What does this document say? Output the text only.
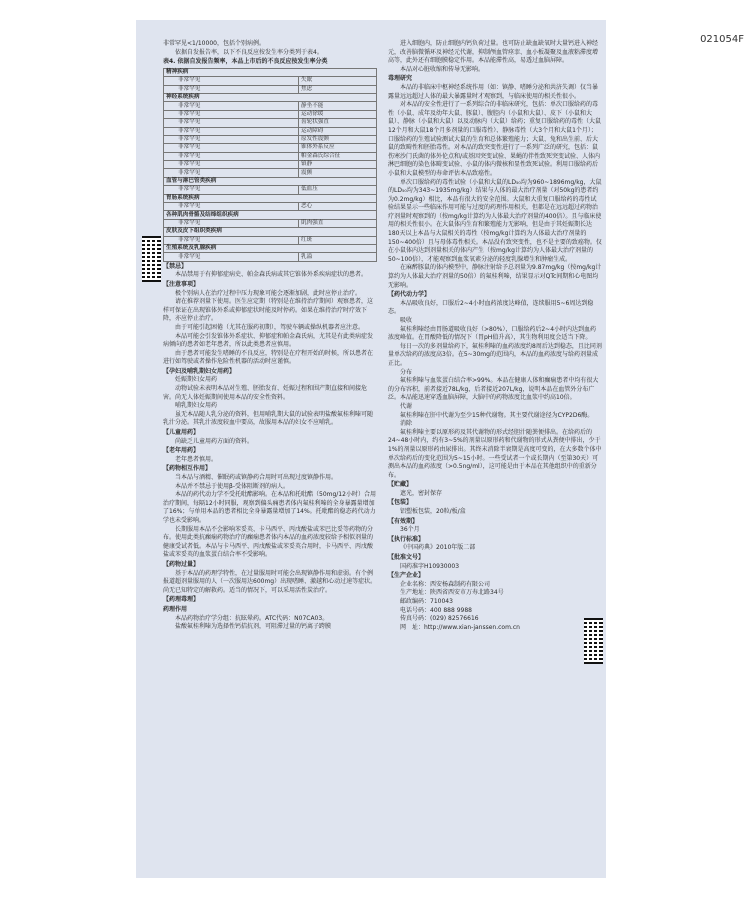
021054F

非常罕见<1/10000，包括个别病例。

依据自发报告率，以下不良反应按发生率分类列于表4。

表4. 依据自发报告频率，本品上市后的不良反应按发生率分类

精神疾病	
非常罕见	失眠
非常罕见	焦虑
神经系统疾病	
非常罕见	静坐不能
非常罕见	运动徐缓
非常罕见	齿轮状强直
非常罕见	运动障碍
非常罕见	原发性震颤
非常罕见	锥体外系反应
非常罕见	帕金森氏综合征
非常罕见	镇静
非常罕见	震颤
血管与淋巴管类疾病	
非常罕见	低血压
胃肠系统疾病	
非常罕见	恶心
各种肌肉骨骼及结缔组织疾病	
非常罕见	肌肉强直
皮肤及皮下组织类疾病	
非常罕见	红斑
生殖系统及乳腺疾病	
非常罕见	乳溢

【禁忌】

本品禁用于有抑郁症病史、帕金森氏病或其它锥体外系疾病症状的患者。

【注意事项】

极个别病人在治疗过程中压力现象可能会逐渐加剧，此时应停止治疗。

请在推荐剂量下使用。医生应定期（特别是在维持治疗期间）观察患者，这样可保证在出现锥体外系或抑郁症状时能及时停药。如果在维持治疗时疗效下降，亦应停止治疗。

由于可能引起困倦（尤其在服药初期），驾驶车辆或操纵机器者应注意。

本品可能会引发锥体外系症状、抑郁症和帕金森氏病，尤其是有此类病症发病倾向的患者如老年患者，所以此类患者应慎用。

由于患者可能发生嗜睡的不良反应，特别是在疗程开始的时候，所以患者在进行如驾驶或者操作危险性机器的活动时应谨慎。

【孕妇及哺乳期妇女用药】

妊娠期妇女用药

动物试验未表明本品对生殖、胚胎发育、妊娠过程和围产期直接和间接危害。尚无人体妊娠期间使用本品的安全性资料。

哺乳期妇女用药

虽无本品随人乳分泌的资料，但用哺乳期大鼠的试验表明盐酸氟桂利嗪可随乳汁分泌。其乳汁浓度较血中要高，故服用本品的妇女不应哺乳。

【儿童用药】

尚缺乏儿童用药方面的资料。

【老年用药】

老年患者慎用。

【药物相互作用】

当本品与酒精、催眠药或镇静药合用时可出现过度镇静作用。

本品并不禁忌于使用β-受体阻断剂的病人。

本品的药代动力学不受托吡酯影响。在本品和托吡酯（50mg/12小时）合用治疗期间，每隔12小时同服，观察到偏头痛患者体内氟桂利嗪的全身暴露量增加了16%；与单用本品的患者相比全身暴露量增加了14%。托吡酯的稳态药代动力学也未受影响。

长期服用本品不会影响苯妥英、卡马西平、丙戊酸盐或苯巴比妥等药物的分布。使用此类抗癫痫药物治疗的癫痫患者体内本品的血药浓度较给予相似剂量的健康受试者低。本品与卡马西平、丙戊酸盐或苯妥英合用时，卡马西平、丙戊酸盐或苯妥英的血浆蛋白结合率不受影响。

【药物过量】

基于本品的药理学特性，在过量服用时可能会出现镇静作用和虚弱。有个例报道超剂量服用的人（一次服用达600mg）出现嗜睡、激越和心动过速等症状。尚无已知特定的解救药。适当的情况下，可以采用活性炭治疗。

【药理毒理】

药理作用

本品药物治疗学分组：抗眩晕药。ATC代码：N07CA03。

盐酸氟桂利嗪为选择性钙拮抗剂，可阻滞过量的钙离子跨膜

进入细胞内，防止细胞内钙负荷过量。也可防止缺血缺氧时大量钙进入神经元，改善脑微循环及神经元代谢，抑制颅血管痉挛、血小板凝聚及血液粘滞度增高等，此外还有细胞膜稳定作用。本品能滞性高，易透过血脑屏障。

本品对心脏收缩和传导无影响。

毒理研究

本品的非临床中枢神经系统作用（如：镇静、嗜睡分泌和共济失调）仅当暴露量远远超过人体的最大暴露量时才观察到，与临床使用的相关性很小。

对本品的安全性进行了一系列综合的非临床研究，包括：单次口服给药的毒性（小鼠、成年及幼年大鼠、豚鼠）、腹腔内（小鼠和大鼠）、皮下（小鼠和大鼠）、静脉（小鼠和大鼠）以及动脉内（大鼠）给药；重复口服给药的毒性（大鼠12个月和大鼠18个月多剂量的口服毒性）、静脉毒性（大3个月和大鼠1个月）；口服给药的生殖试验测试大鼠的生育和总体繁殖能力；大鼠、兔和出生前、后大鼠的致畸性和胚胎毒性。对本品的致突变性进行了一系列广泛的研究，包括：鼠伤寒沙门氏菌的体外伦点和/或基因突变试验、果蝇的伴性致死突变试验、人体内淋巴细胞的染色体畸变试验、小鼠的体内微核和显性致死试验。利用口服给药后小鼠和大鼠模型的寿命评估本品致癌性。

单次口服给药的毒性试验（小鼠和大鼠的LD₅₀均为960~1896mg/kg，大鼠的LD₅₀均为343~1935mg/kg）结果与人体的最大治疗剂量（对50kg的患者约为0.2mg/kg）相比，本品有很大的安全范围。大鼠和大重复口服给药的毒性试验结果显示一些临床作用可能与过度的药理作用相关，但都是在远远超过药物治疗剂量时观察到的（按mg/kg计算约为人体最大治疗剂量的400倍）。且与临床使用的相关性很小。在大鼠体内生育和繁殖能力无影响，但是由于其妊娠期长达180天以上本品与大鼠相关的毒性（按mg/kg计算约为人体最大治疗剂量的150~400倍）且与母体毒性相关。本品没有致突变性，也不是主要的致癌物。仅在小鼠体内达到剂量相关的体内产生（按mg/kg计算约为人体最大治疗剂量的50~100倍），才能观察到血浆氧素分泌的轻度乳腺增生和肿瘤生成。

在麻醉豚鼠的体内模型中，静脉注射给予总剂量为9.87mg/kg（按mg/kg计算约为人体最大治疗剂量的50倍）的氟桂利嗪，结果显示对QTc间期和心电图均无影响。

【药代动力学】

本品吸收良好，口服后2~4小时血药浓度达峰值，连续服用5~6周达到稳态。

吸收

氟桂利嗪经由胃肠道吸收良好（>80%），口服给药后2~4小时内达到血药浓度峰值。在胃酸降低的情况下（胃pH值升高），其生物利用度会适当下降。

每日一次的多剂量给药下，氟桂利嗪的血药浓度约8周后达到稳态，且比同剂量单次给药的浓度高3倍。在5~30mg的范围内，本品的血药浓度与给药剂量成正比。

分布

氟桂利嗪与血浆蛋白结合率>99%。本品在健康人体和癫痫患者中均有很大的分布容积，前者接近78L/kg，后者接近207L/kg，说明本品在血管外分布广泛。本品能迅速穿透血脑屏障，大脑中的药物浓度比血浆中约高10倍。

代谢

氟桂利嗪在肝中代谢为至少15种代谢物。其主要代谢途径为CYP2D6酶。

消除

氟桂利嗪主要以原形药及其代谢物的形式经胆汁随粪便排出。在给药后的24~48小时内，约有3~5%的剂量以原形药和代谢物的形式从粪便中排出，少于1%的剂量以原形药由尿排出。其终末消除半衰期是高度可变的，在大多数个体中单次给药后的变化范围为5~15小时。一些受试者一个或长期内（至第30天）可测出本品的血药浓度（>0.5ng/ml），这可能是由于本品在其他组织中的重新分布。

【贮藏】

遮光，密封保存

【包装】

铝塑板包装，20粒/板/盒

【有效期】

36个月

【执行标准】

《中国药典》2010年版二部

【批准文号】

国药准字H10930003

【生产企业】

企业名称：西安杨森制药有限公司

生产地址：陕西省西安市万寿北路34号

邮政编码：710043

电话号码：400 888 9988

传真号码：(029) 82576616

网　址：http://www.xian-janssen.com.cn
